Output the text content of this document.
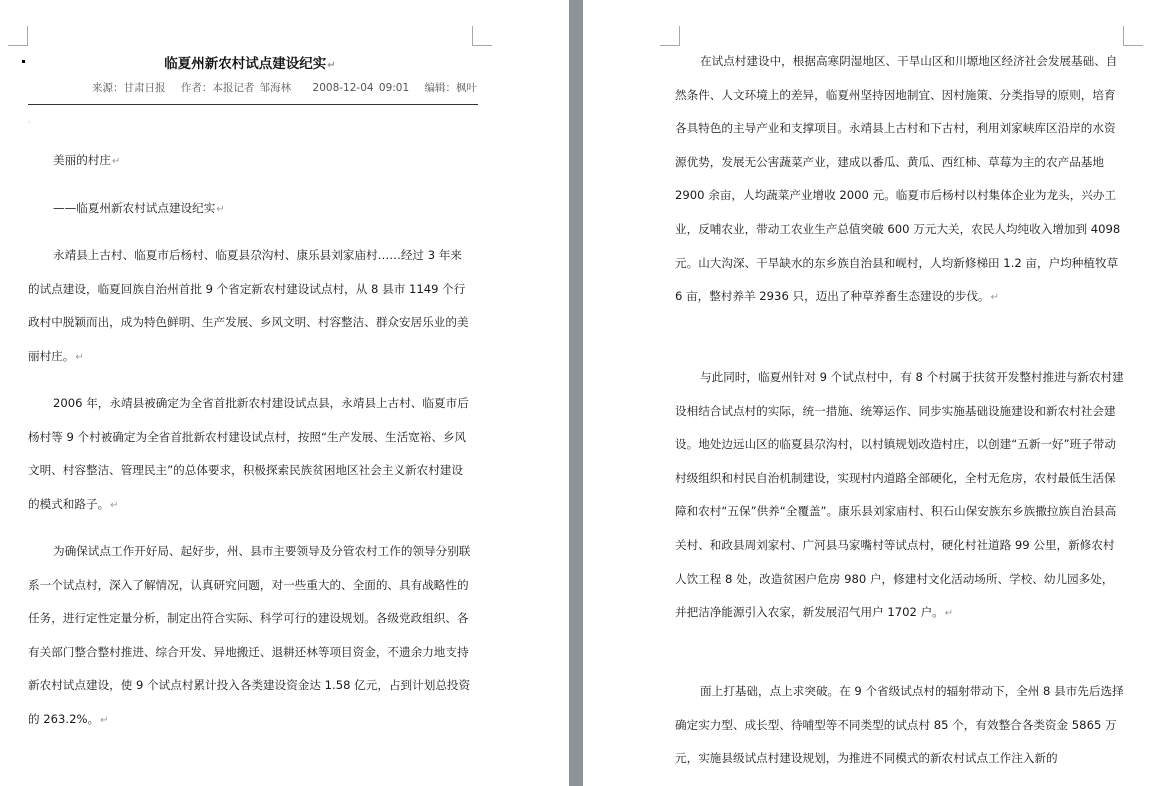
临夏州新农村试点建设纪实↵
来源：甘肃日报 作者：本报记者 邹海林 2008-12-04 09:01 编辑：枫叶
·
美丽的村庄↵
——临夏州新农村试点建设纪实↵
永靖县上古村、临夏市后杨村、临夏县尕沟村、康乐县刘家庙村……经过 3 年来的试点建设，临夏回族自治州首批 9 个省定新农村建设试点村，从 8 县市 1149 个行政村中脱颖而出，成为特色鲜明、生产发展、乡风文明、村容整洁、群众安居乐业的美丽村庄。↵
2006 年，永靖县被确定为全省首批新农村建设试点县，永靖县上古村、临夏市后杨村等 9 个村被确定为全省首批新农村建设试点村，按照“生产发展、生活宽裕、乡风文明、村容整洁、管理民主”的总体要求，积极探索民族贫困地区社会主义新农村建设的模式和路子。↵
为确保试点工作开好局、起好步，州、县市主要领导及分管农村工作的领导分别联系一个试点村，深入了解情况，认真研究问题，对一些重大的、全面的、具有战略性的任务，进行定性定量分析，制定出符合实际、科学可行的建设规划。各级党政组织、各有关部门整合整村推进、综合开发、异地搬迁、退耕还林等项目资金，不遗余力地支持新农村试点建设，使 9 个试点村累计投入各类建设资金达 1.58 亿元，占到计划总投资的 263.2%。↵
在试点村建设中，根据高寒阴湿地区、干旱山区和川塬地区经济社会发展基础、自然条件、人文环境上的差异，临夏州坚持因地制宜、因村施策、分类指导的原则，培育各具特色的主导产业和支撑项目。永靖县上古村和下古村，利用刘家峡库区沿岸的水资源优势，发展无公害蔬菜产业，建成以番瓜、黄瓜、西红柿、草莓为主的农产品基地 2900 余亩，人均蔬菜产业增收 2000 元。临夏市后杨村以村集体企业为龙头，兴办工业，反哺农业，带动工农业生产总值突破 600 万元大关，农民人均纯收入增加到 4098 元。山大沟深、干旱缺水的东乡族自治县和岘村，人均新修梯田 1.2 亩，户均种植牧草 6 亩，整村养羊 2936 只，迈出了种草养畜生态建设的步伐。↵
与此同时，临夏州针对 9 个试点村中，有 8 个村属于扶贫开发整村推进与新农村建设相结合试点村的实际，统一措施、统筹运作、同步实施基础设施建设和新农村社会建设。地处边远山区的临夏县尕沟村，以村镇规划改造村庄，以创建“五新一好”班子带动村级组织和村民自治机制建设，实现村内道路全部硬化，全村无危房，农村最低生活保障和农村“五保”供养“全覆盖”。康乐县刘家庙村、积石山保安族东乡族撒拉族自治县高关村、和政县周刘家村、广河县马家嘴村等试点村，硬化村社道路 99 公里，新修农村人饮工程 8 处，改造贫困户危房 980 户，修建村文化活动场所、学校、幼儿园多处，并把洁净能源引入农家，新发展沼气用户 1702 户。↵
面上打基础，点上求突破。在 9 个省级试点村的辐射带动下，全州 8 县市先后选择确定实力型、成长型、待哺型等不同类型的试点村 85 个，有效整合各类资金 5865 万元，实施县级试点村建设规划，为推进不同模式的新农村试点工作注入新的
